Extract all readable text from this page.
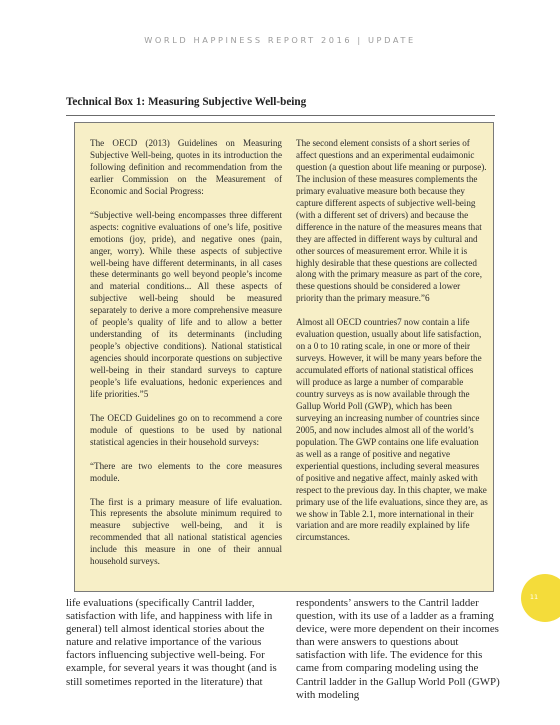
WORLD HAPPINESS REPORT 2016 | UPDATE
Technical Box 1: Measuring Subjective Well-being

The OECD (2013) Guidelines on Measuring Subjective Well-being, quotes in its introduction the following definition and recommendation from the earlier Commission on the Measurement of Economic and Social Progress:

“Subjective well-being encompasses three different aspects: cognitive evaluations of one’s life, positive emotions (joy, pride), and negative ones (pain, anger, worry). While these aspects of subjective well-being have different determinants, in all cases these determinants go well beyond people’s income and material conditions... All these aspects of subjective well-being should be measured separately to derive a more comprehensive measure of people’s quality of life and to allow a better understanding of its determinants (including people’s objective conditions). National statistical agencies should incorporate questions on subjective well-being in their standard surveys to capture people’s life evaluations, hedonic experiences and life priorities.”5

The OECD Guidelines go on to recommend a core module of questions to be used by national statistical agencies in their household surveys:

“There are two elements to the core measures module.

The first is a primary measure of life evaluation. This represents the absolute minimum required to measure subjective well-being, and it is recommended that all national statistical agencies include this measure in one of their annual household surveys.

The second element consists of a short series of affect questions and an experimental eudaimonic question (a question about life meaning or purpose). The inclusion of these measures complements the primary evaluative measure both because they capture different aspects of subjective well-being (with a different set of drivers) and because the difference in the nature of the measures means that they are affected in different ways by cultural and other sources of measurement error. While it is highly desirable that these questions are collected along with the primary measure as part of the core, these questions should be considered a lower priority than the primary measure.”6

Almost all OECD countries7 now contain a life evaluation question, usually about life satisfaction, on a 0 to 10 rating scale, in one or more of their surveys. However, it will be many years before the accumulated efforts of national statistical offices will produce as large a number of comparable country surveys as is now available through the Gallup World Poll (GWP), which has been surveying an increasing number of countries since 2005, and now includes almost all of the world’s population. The GWP contains one life evaluation as well as a range of positive and negative experiential questions, including several measures of positive and negative affect, mainly asked with respect to the previous day. In this chapter, we make primary use of the life evaluations, since they are, as we show in Table 2.1, more international in their variation and are more readily explained by life circumstances.

life evaluations (specifically Cantril ladder, satisfaction with life, and happiness with life in general) tell almost identical stories about the nature and relative importance of the various factors influencing subjective well-being. For example, for several years it was thought (and is still sometimes reported in the literature) that
respondents’ answers to the Cantril ladder question, with its use of a ladder as a framing device, were more dependent on their incomes than were answers to questions about satisfaction with life. The evidence for this came from comparing modeling using the Cantril ladder in the Gallup World Poll (GWP) with modeling
11
